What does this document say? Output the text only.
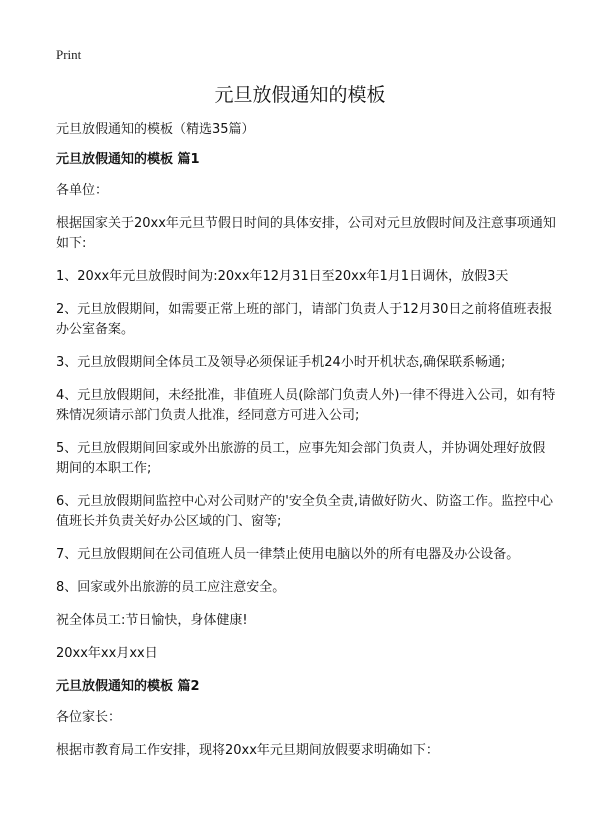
Print
元旦放假通知的模板

元旦放假通知的模板（精选35篇）

元旦放假通知的模板 篇1

各单位：

根据国家关于20xx年元旦节假日时间的具体安排，公司对元旦放假时间及注意事项通知如下:

1、20xx年元旦放假时间为:20xx年12月31日至20xx年1月1日调休，放假3天

2、元旦放假期间，如需要正常上班的部门，请部门负责人于12月30日之前将值班表报办公室备案。

3、元旦放假期间全体员工及领导必须保证手机24小时开机状态,确保联系畅通;

4、元旦放假期间，未经批准，非值班人员(除部门负责人外)一律不得进入公司，如有特殊情况须请示部门负责人批准，经同意方可进入公司;

5、元旦放假期间回家或外出旅游的员工，应事先知会部门负责人，并协调处理好放假期间的本职工作;

6、元旦放假期间监控中心对公司财产的'安全负全责,请做好防火、防盗工作。监控中心值班长并负责关好办公区域的门、窗等;

7、元旦放假期间在公司值班人员一律禁止使用电脑以外的所有电器及办公设备。

8、回家或外出旅游的员工应注意安全。

祝全体员工:节日愉快，身体健康!

20xx年xx月xx日

元旦放假通知的模板 篇2

各位家长：

根据市教育局工作安排，现将20xx年元旦期间放假要求明确如下：
